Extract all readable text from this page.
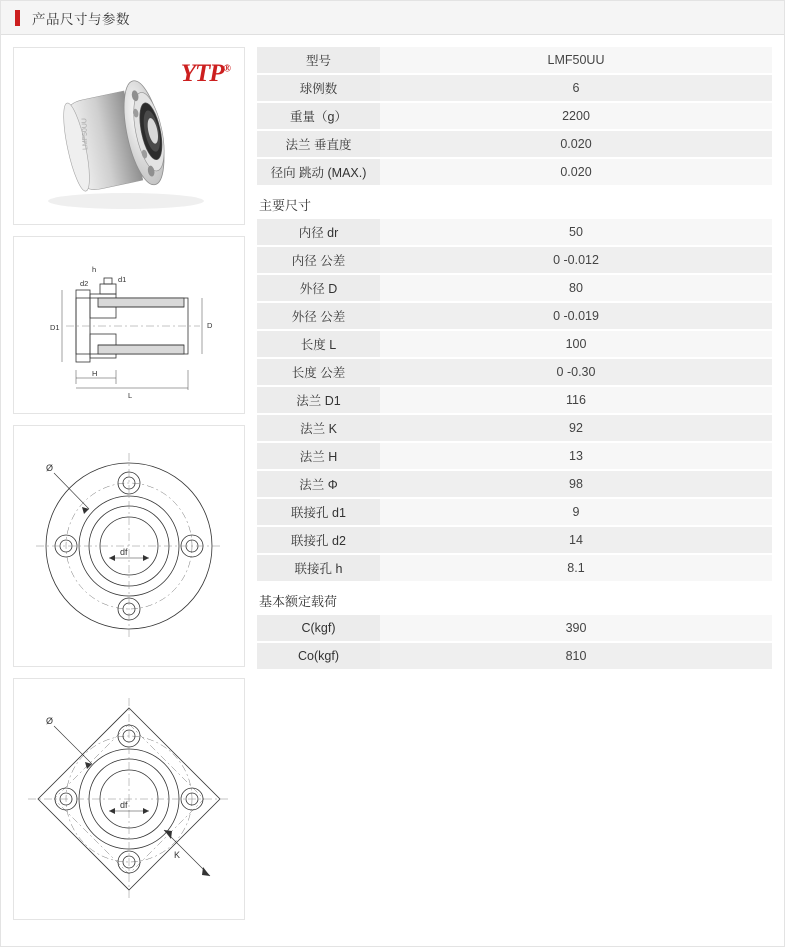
产品尺寸与参数
LMF50UU
YTP®
h
d1
d2
D1	D
H
L
Ø
df
Ø
df
K
型号	LMF50UU
球例数	6
重量（g）	2200
法兰 垂直度	0.020
径向 跳动 (MAX.)	0.020
主要尺寸
内径 dr	50
内径 公差	0 -0.012
外径 D	80
外径 公差	0 -0.019
长度 L	100
长度 公差	0 -0.30
法兰 D1	116
法兰 K	92
法兰 H	13
法兰 Φ	98
联接孔 d1	9
联接孔 d2	14
联接孔 h	8.1
基本额定载荷
C(kgf)	390
Co(kgf)	810
